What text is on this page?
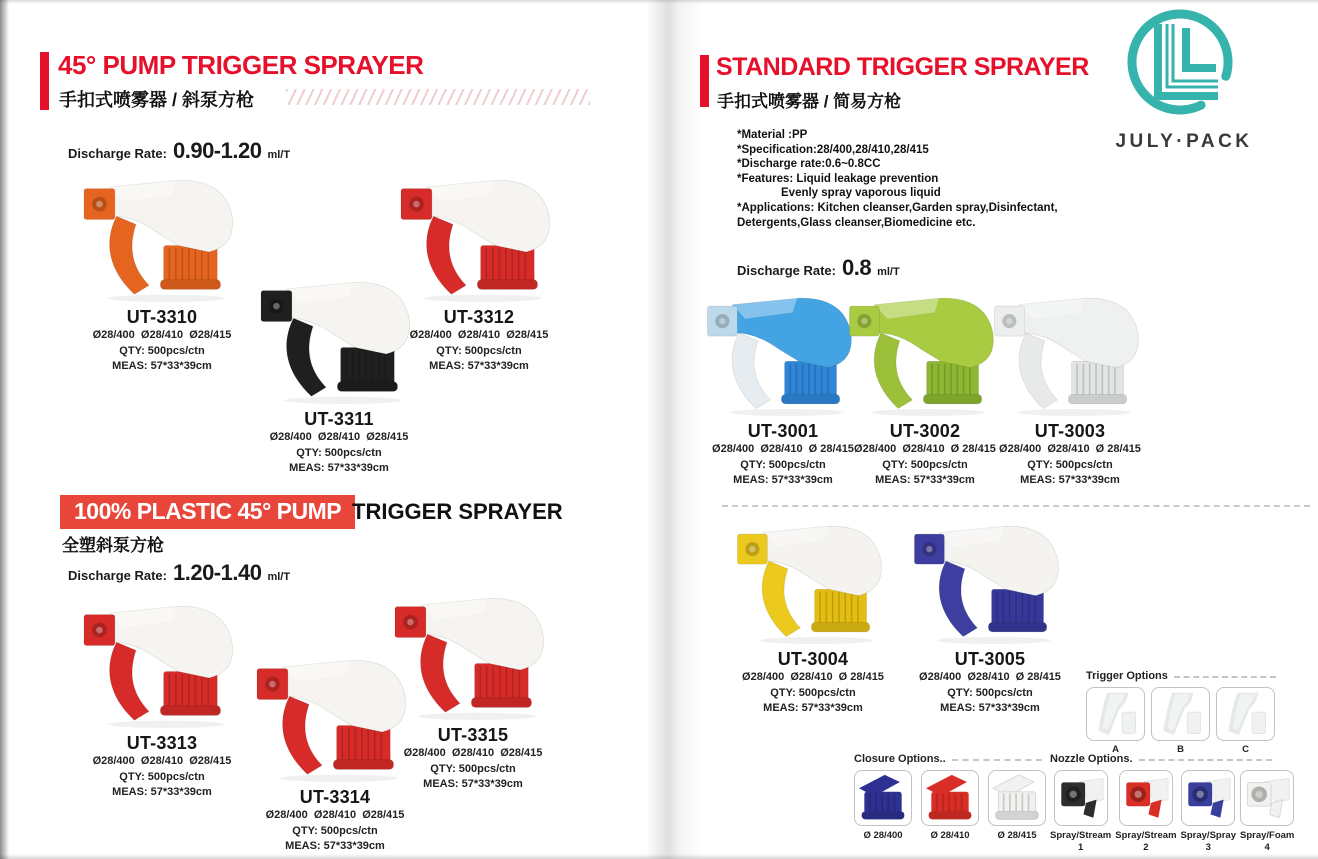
45° PUMP TRIGGER SPRAYER
手扣式喷雾器 / 斜泵方枪
Discharge Rate: 0.90-1.20 ml/T
UT-3310
Ø28/400  Ø28/410  Ø28/415
QTY: 500pcs/ctn
MEAS: 57*33*39cm
UT-3311
Ø28/400  Ø28/410  Ø28/415
QTY: 500pcs/ctn
MEAS: 57*33*39cm
UT-3312
Ø28/400  Ø28/410  Ø28/415
QTY: 500pcs/ctn
MEAS: 57*33*39cm
100% PLASTIC 45° PUMP TRIGGER SPRAYER
全塑斜泵方枪
Discharge Rate: 1.20-1.40 ml/T
UT-3313
Ø28/400  Ø28/410  Ø28/415
QTY: 500pcs/ctn
MEAS: 57*33*39cm	UT-3314
Ø28/400  Ø28/410  Ø28/415
QTY: 500pcs/ctn
MEAS: 57*33*39cm
UT-3315
Ø28/400  Ø28/410  Ø28/415
QTY: 500pcs/ctn
MEAS: 57*33*39cm
STANDARD TRIGGER SPRAYER
手扣式喷雾器 / 简易方枪
*Material :PP
*Specification:28/400,28/410,28/415
*Discharge rate:0.6~0.8CC
*Features: Liquid leakage prevention
Evenly spray vaporous liquid
*Applications: Kitchen cleanser,Garden spray,Disinfectant,
Detergents,Glass cleanser,Biomedicine etc.
Discharge Rate: 0.8 ml/T
UT-3001
Ø28/400  Ø28/410  Ø 28/415
QTY: 500pcs/ctn
MEAS: 57*33*39cm
UT-3002
Ø28/400  Ø28/410  Ø 28/415
QTY: 500pcs/ctn
MEAS: 57*33*39cm
UT-3003
Ø28/400  Ø28/410  Ø 28/415
QTY: 500pcs/ctn
MEAS: 57*33*39cm
UT-3004
Ø28/400  Ø28/410  Ø 28/415
QTY: 500pcs/ctn
MEAS: 57*33*39cm
UT-3005
Ø28/400  Ø28/410  Ø 28/415
QTY: 500pcs/ctn
MEAS: 57*33*39cm
Trigger Options
A	B	C
Closure Options..
Ø 28/400	Ø 28/410	Ø 28/415
Nozzle Options.
Spray/Stream
1
Spray/Stream
2
Spray/Spray
3
Spray/Foam
4
JULY·PACK
